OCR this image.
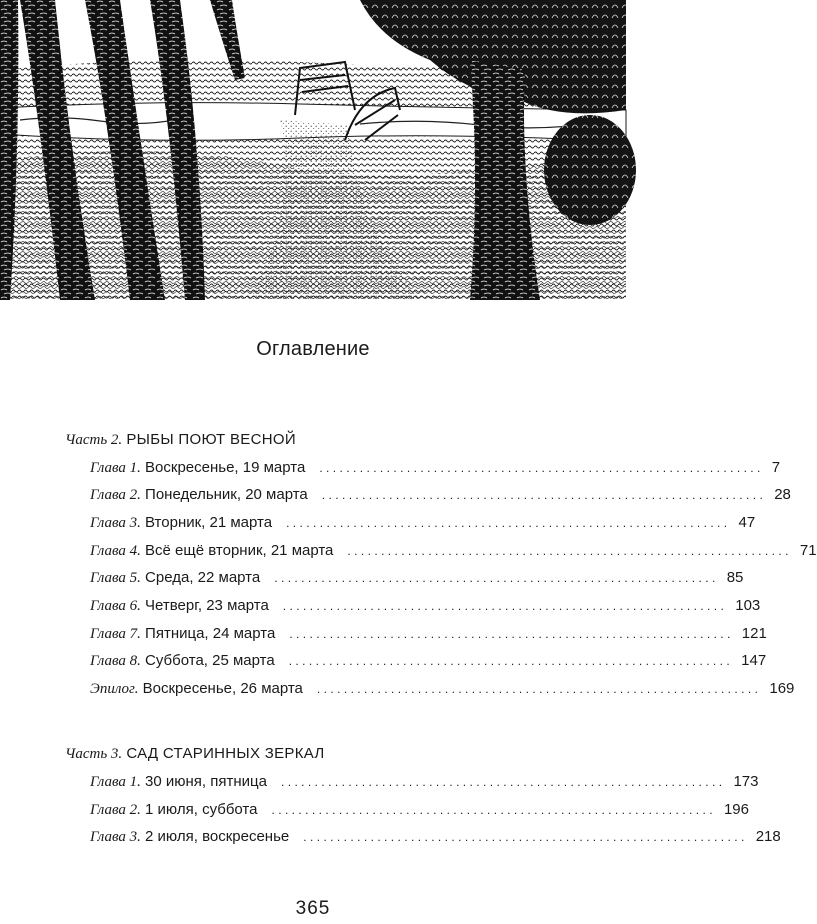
Оглавление
Часть 2. РЫБЫ ПОЮТ ВЕСНОЙ
Глава 1.
Воскресенье, 19 марта .................................................................. 7
Глава 2.
Понедельник, 20 марта .................................................................. 28
Глава 3.
Вторник, 21 марта .................................................................. 47
Глава 4.
Всё ещё вторник, 21 марта .................................................................. 71
Глава 5.
Среда, 22 марта .................................................................. 85
Глава 6.
Четверг, 23 марта .................................................................. 103
Глава 7.
Пятница, 24 марта .................................................................. 121
Глава 8.
Суббота, 25 марта .................................................................. 147
Эпилог.
Воскресенье, 26 марта .................................................................. 169
Часть 3. САД СТАРИННЫХ ЗЕРКАЛ
Глава 1.
30 июня, пятница .................................................................. 173
Глава 2.
1 июля, суббота .................................................................. 196
Глава 3.
2 июля, воскресенье .................................................................. 218
365
